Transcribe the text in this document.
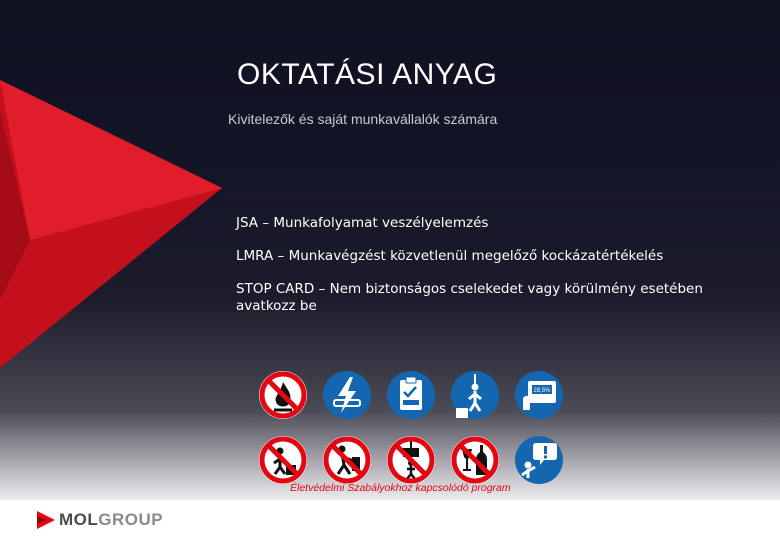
OKTATÁSI ANYAG
Kivitelezők és saját munkavállalók számára
JSA – Munkafolyamat veszélyelemzés
LMRA – Munkavégzést közvetlenül megelőző kockázatértékelés
STOP CARD – Nem biztonságos cselekedet vagy körülmény esetében avatkozz be
28,5%
Életvédelmi Szabályokhoz kapcsolódó program
MOLGROUP
